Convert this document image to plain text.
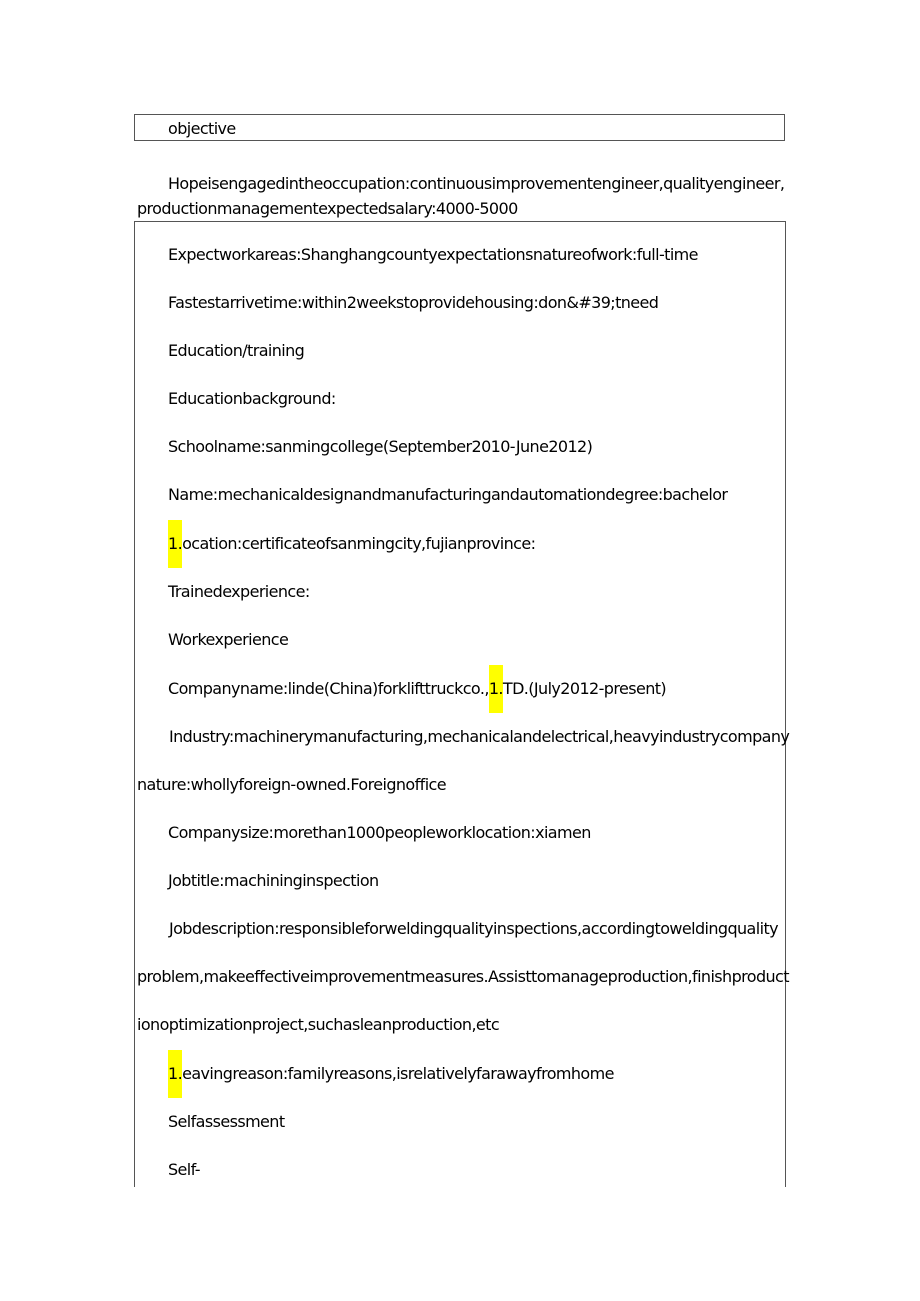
objective
Hopeisengagedintheoccupation:continuousimprovementengineer,qualityengineer,
productionmanagementexpectedsalary:4000-5000
Expectworkareas:Shanghangcountyexpectationsnatureofwork:full-time
Fastestarrivetime:within2weekstoprovidehousing:don&#39;tneed
Education/training
Educationbackground:
Schoolname:sanmingcollege(September2010-June2012)
Name:mechanicaldesignandmanufacturingandautomationdegree:bachelor
1.ocation:certificateofsanmingcity,fujianprovince:
Trainedexperience:
Workexperience
Companyname:linde(China)forklifttruckco.,1.TD.(July2012-present)
Industry:machinerymanufacturing,mechanicalandelectrical,heavyindustrycompany
nature:whollyforeign-owned.Foreignoffice
Companysize:morethan1000peopleworklocation:xiamen
Jobtitle:machininginspection
Jobdescription:responsibleforweldingqualityinspections,accordingtoweldingquality
problem,makeeffectiveimprovementmeasures.Assisttomanageproduction,finishproduct
ionoptimizationproject,suchasleanproduction,etc
1.eavingreason:familyreasons,isrelativelyfarawayfromhome
Selfassessment
Self-
